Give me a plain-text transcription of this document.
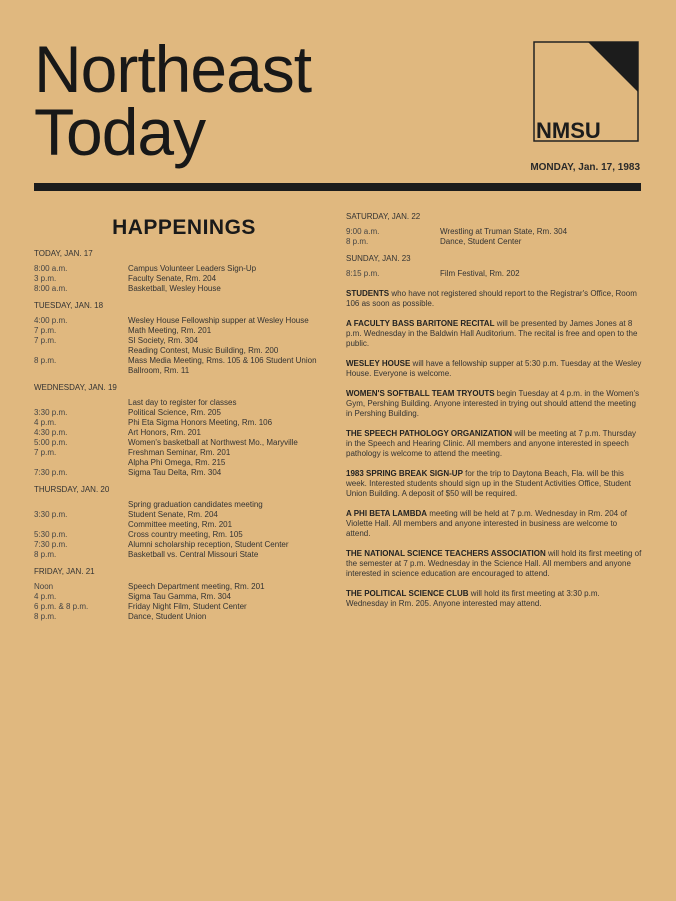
Northeast
Today	NMSU
MONDAY, Jan. 17, 1983
HAPPENINGS
TODAY, JAN. 17
8:00 a.m.	Campus Volunteer Leaders Sign-Up
3 p.m.	Faculty Senate, Rm. 204
8:00 a.m.	Basketball, Wesley House
TUESDAY, JAN. 18
4:00 p.m.	Wesley House Fellowship supper at Wesley House
7 p.m.	Math Meeting, Rm. 201
7 p.m.	SI Society, Rm. 304
Reading Contest, Music Building, Rm. 200
8 p.m.	Mass Media Meeting, Rms. 105 & 106 Student Union Ballroom, Rm. 11
WEDNESDAY, JAN. 19
Last day to register for classes
3:30 p.m.	Political Science, Rm. 205
4 p.m.	Phi Eta Sigma Honors Meeting, Rm. 106
4:30 p.m.	Art Honors, Rm. 201
5:00 p.m.	Women's basketball at Northwest Mo., Maryville
7 p.m.	Freshman Seminar, Rm. 201
Alpha Phi Omega, Rm. 215
7:30 p.m.	Sigma Tau Delta, Rm. 304
THURSDAY, JAN. 20
Spring graduation candidates meeting
3:30 p.m.	Student Senate, Rm. 204
Committee meeting, Rm. 201
5:30 p.m.	Cross country meeting, Rm. 105
7:30 p.m.	Alumni scholarship reception, Student Center
8 p.m.	Basketball vs. Central Missouri State
FRIDAY, JAN. 21
Noon	Speech Department meeting, Rm. 201
4 p.m.	Sigma Tau Gamma, Rm. 304
6 p.m. & 8 p.m.	Friday Night Film, Student Center
8 p.m.	Dance, Student Union
SATURDAY, JAN. 22
9:00 a.m.	Wrestling at Truman State, Rm. 304
8 p.m.	Dance, Student Center
SUNDAY, JAN. 23
8:15 p.m.	Film Festival, Rm. 202
STUDENTS who have not registered should report to the Registrar's Office, Room 106 as soon as possible.
A FACULTY BASS BARITONE RECITAL will be presented by James Jones at 8 p.m. Wednesday in the Baldwin Hall Auditorium. The recital is free and open to the public.
WESLEY HOUSE will have a fellowship supper at 5:30 p.m. Tuesday at the Wesley House. Everyone is welcome.
WOMEN'S SOFTBALL TEAM TRYOUTS begin Tuesday at 4 p.m. in the Women's Gym, Pershing Building. Anyone interested in trying out should attend the meeting in Pershing Building.
THE SPEECH PATHOLOGY ORGANIZATION will be meeting at 7 p.m. Thursday in the Speech and Hearing Clinic. All members and anyone interested in speech pathology is welcome to attend the meeting.
1983 SPRING BREAK SIGN-UP for the trip to Daytona Beach, Fla. will be this week. Interested students should sign up in the Student Activities Office, Student Union Building. A deposit of $50 will be required.
A PHI BETA LAMBDA meeting will be held at 7 p.m. Wednesday in Rm. 204 of Violette Hall. All members and anyone interested in business are welcome to attend.
THE NATIONAL SCIENCE TEACHERS ASSOCIATION will hold its first meeting of the semester at 7 p.m. Wednesday in the Science Hall. All members and anyone interested in science education are encouraged to attend.
THE POLITICAL SCIENCE CLUB will hold its first meeting at 3:30 p.m. Wednesday in Rm. 205. Anyone interested may attend.
